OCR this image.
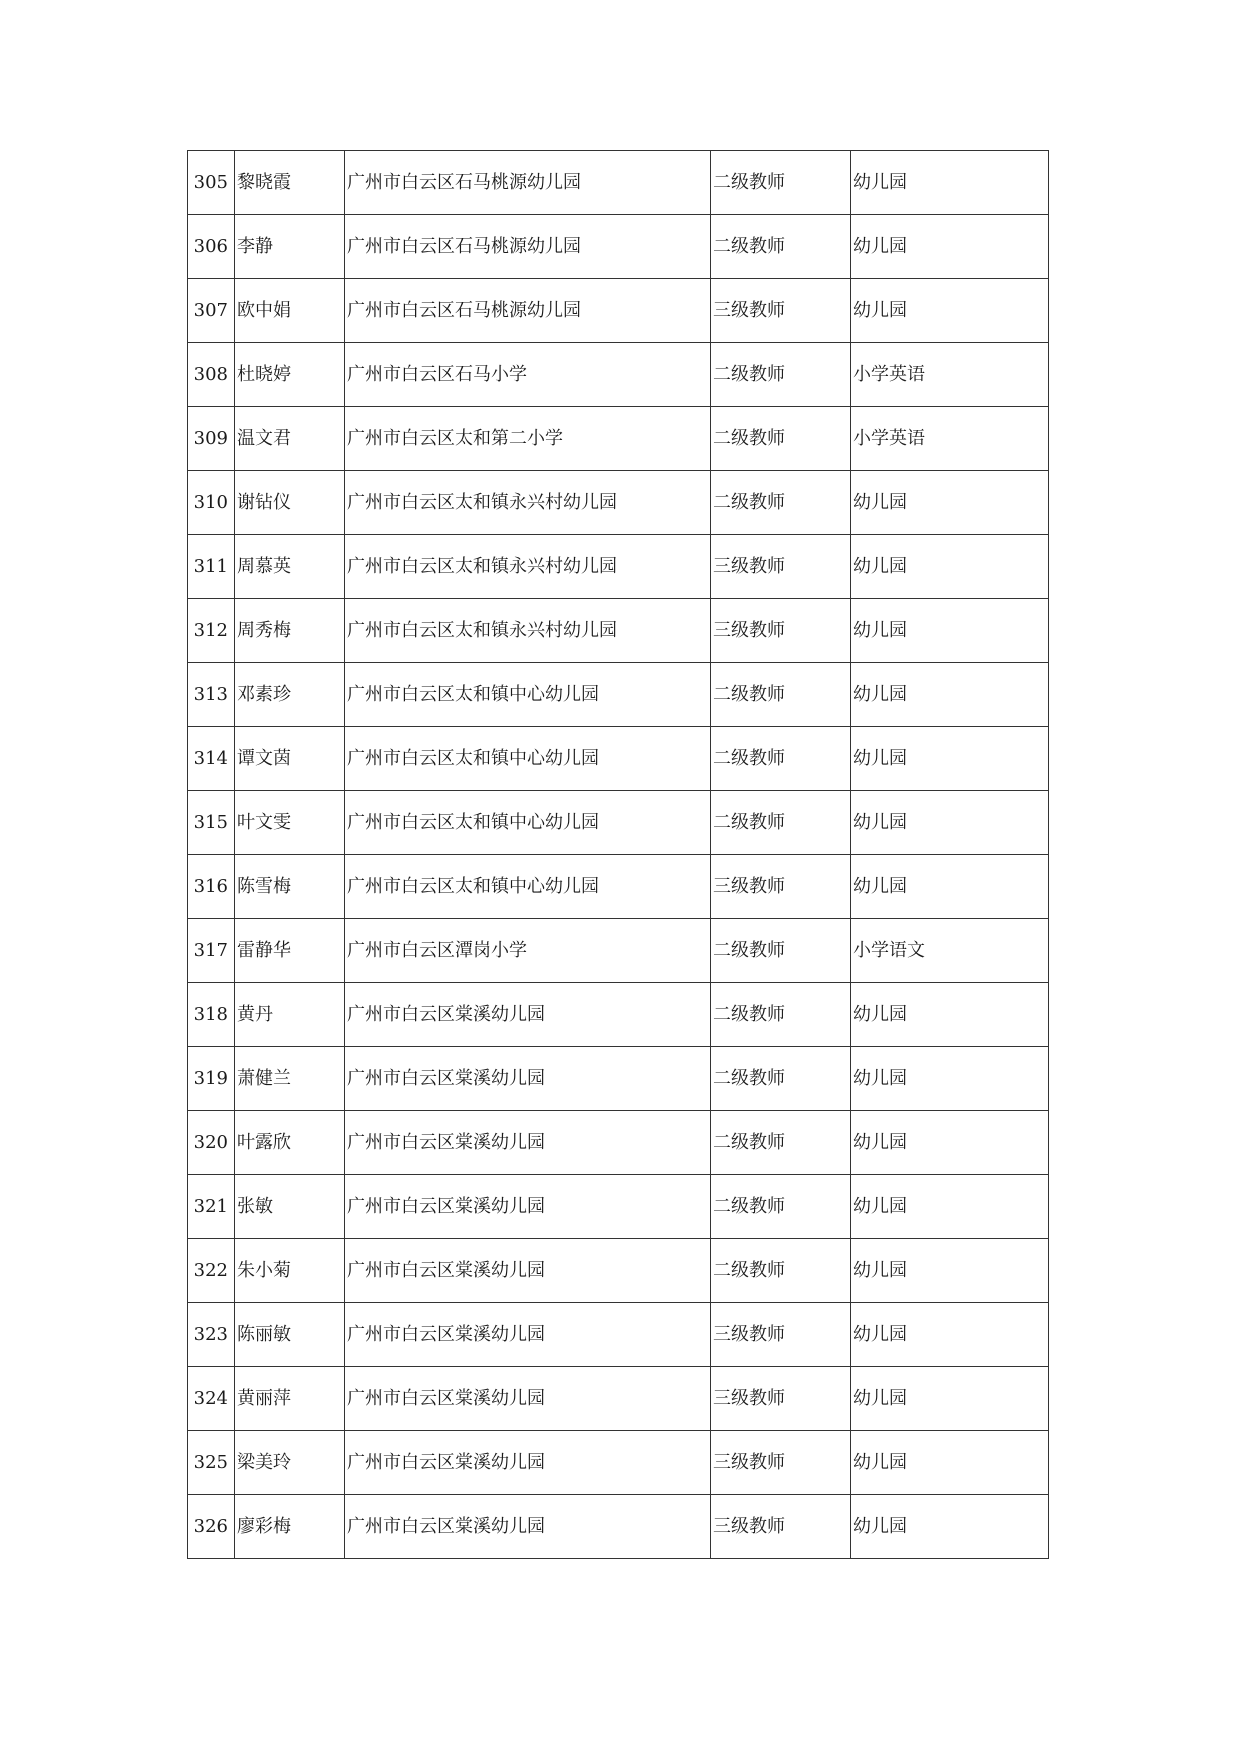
305	黎晓霞	广州市白云区石马桃源幼儿园	二级教师	幼儿园
306	李静	广州市白云区石马桃源幼儿园	二级教师	幼儿园
307	欧中娟	广州市白云区石马桃源幼儿园	三级教师	幼儿园
308	杜晓婷	广州市白云区石马小学	二级教师	小学英语
309	温文君	广州市白云区太和第二小学	二级教师	小学英语
310	谢钻仪	广州市白云区太和镇永兴村幼儿园	二级教师	幼儿园
311	周慕英	广州市白云区太和镇永兴村幼儿园	三级教师	幼儿园
312	周秀梅	广州市白云区太和镇永兴村幼儿园	三级教师	幼儿园
313	邓素珍	广州市白云区太和镇中心幼儿园	二级教师	幼儿园
314	谭文茵	广州市白云区太和镇中心幼儿园	二级教师	幼儿园
315	叶文雯	广州市白云区太和镇中心幼儿园	二级教师	幼儿园
316	陈雪梅	广州市白云区太和镇中心幼儿园	三级教师	幼儿园
317	雷静华	广州市白云区潭岗小学	二级教师	小学语文
318	黄丹	广州市白云区棠溪幼儿园	二级教师	幼儿园
319	萧健兰	广州市白云区棠溪幼儿园	二级教师	幼儿园
320	叶露欣	广州市白云区棠溪幼儿园	二级教师	幼儿园
321	张敏	广州市白云区棠溪幼儿园	二级教师	幼儿园
322	朱小菊	广州市白云区棠溪幼儿园	二级教师	幼儿园
323	陈丽敏	广州市白云区棠溪幼儿园	三级教师	幼儿园
324	黄丽萍	广州市白云区棠溪幼儿园	三级教师	幼儿园
325	梁美玲	广州市白云区棠溪幼儿园	三级教师	幼儿园
326	廖彩梅	广州市白云区棠溪幼儿园	三级教师	幼儿园
